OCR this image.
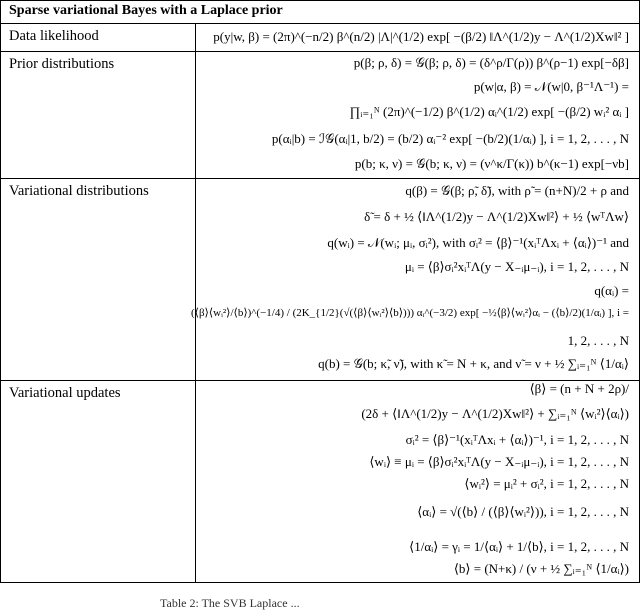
Sparse variational Bayes with a Laplace prior
Data likelihood	p(y|w, β) = (2π)^(−n/2) β^(n/2) |Λ|^(1/2) exp[ −(β/2) ‖Λ^(1/2)y − Λ^(1/2)Xw‖² ]
Prior distributions	p(β; ρ, δ) = 𝒢(β; ρ, δ) = (δ^ρ/Γ(ρ)) β^(ρ−1) exp[−δβ]
p(w|α, β) = 𝒩(w|0, β⁻¹Λ⁻¹) =
∏ᵢ₌₁ᴺ (2π)^(−1/2) β^(1/2) αᵢ^(1/2) exp[ −(β/2) wᵢ² αᵢ ]
p(αᵢ|b) = ℐ𝒢(αᵢ|1, b/2) = (b/2) αᵢ⁻² exp[ −(b/2)(1/αᵢ) ], i = 1, 2, . . . , N
p(b; κ, ν) = 𝒢(b; κ, ν) = (ν^κ/Γ(κ)) b^(κ−1) exp[−νb]
Variational distributions	q(β) = 𝒢(β; ρ̃, δ̃), with ρ̃ = (n+N)/2 + ρ and
δ̃ = δ + ½ ⟨‖Λ^(1/2)y − Λ^(1/2)Xw‖²⟩ + ½ ⟨wᵀΛw⟩
q(wᵢ) = 𝒩(wᵢ; μᵢ, σᵢ²), with σᵢ² = ⟨β⟩⁻¹(xᵢᵀΛxᵢ + ⟨αᵢ⟩)⁻¹ and
μᵢ = ⟨β⟩σᵢ²xᵢᵀΛ(y − X₋ᵢμ₋ᵢ), i = 1, 2, . . . , N
q(αᵢ) =
(⟨β⟩⟨wᵢ²⟩/⟨b⟩)^(−1/4) / (2K_{1/2}(√(⟨β⟩⟨wᵢ²⟩⟨b⟩))) αᵢ^(−3/2) exp[ −½⟨β⟩⟨wᵢ²⟩αᵢ − (⟨b⟩/2)(1/αᵢ) ], i =
1, 2, . . . , N
q(b) = 𝒢(b; κ̃, ν̃), with κ̃ = N + κ, and ν̃ = ν + ½ ∑ᵢ₌₁ᴺ ⟨1/αᵢ⟩
Variational updates	⟨β⟩ = (n + N + 2ρ)/
(2δ + ⟨‖Λ^(1/2)y − Λ^(1/2)Xw‖²⟩ + ∑ᵢ₌₁ᴺ ⟨wᵢ²⟩⟨αᵢ⟩)
σᵢ² = ⟨β⟩⁻¹(xᵢᵀΛxᵢ + ⟨αᵢ⟩)⁻¹, i = 1, 2, . . . , N
⟨wᵢ⟩ ≡ μᵢ = ⟨β⟩σᵢ²xᵢᵀΛ(y − X₋ᵢμ₋ᵢ), i = 1, 2, . . . , N
⟨wᵢ²⟩ = μᵢ² + σᵢ², i = 1, 2, . . . , N
⟨αᵢ⟩ = √(⟨b⟩ / (⟨β⟩⟨wᵢ²⟩)), i = 1, 2, . . . , N
⟨1/αᵢ⟩ = γᵢ = 1/⟨αᵢ⟩ + 1/⟨b⟩, i = 1, 2, . . . , N
⟨b⟩ = (N+κ) / (ν + ½ ∑ᵢ₌₁ᴺ ⟨1/αᵢ⟩)
Table 2: The SVB Laplace ...
